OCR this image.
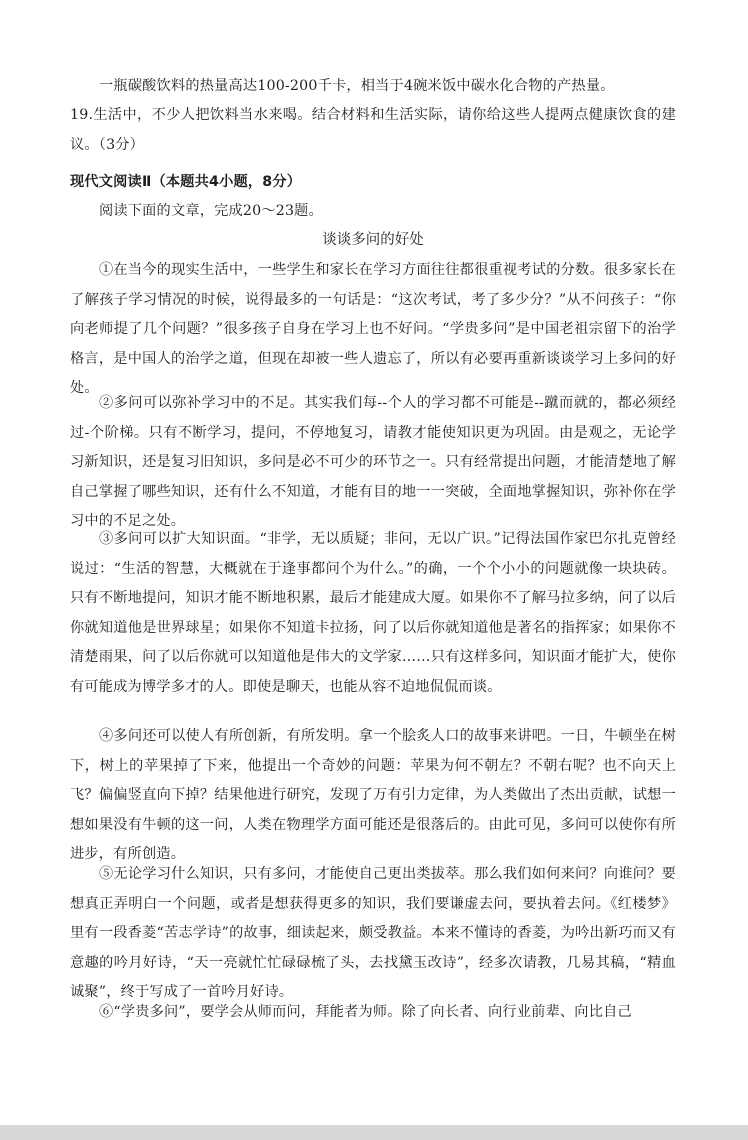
一瓶碳酸饮料的热量高达100-200千卡，相当于4碗米饭中碳水化合物的产热量。

19.生活中，不少人把饮料当水来喝。结合材料和生活实际，请你给这些人提两点健康饮食的建议。（3分）

现代文阅读Ⅱ（本题共4小题，8分）

阅读下面的文章，完成20～23题。

谈谈多问的好处

①在当今的现实生活中，一些学生和家长在学习方面往往都很重视考试的分数。很多家长在了解孩子学习情况的时候，说得最多的一句话是：“这次考试，考了多少分？”从不问孩子：“你向老师提了几个问题？”很多孩子自身在学习上也不好问。“学贵多问”是中国老祖宗留下的治学格言，是中国人的治学之道，但现在却被一些人遗忘了，所以有必要再重新谈谈学习上多问的好处。

②多问可以弥补学习中的不足。其实我们每--个人的学习都不可能是--蹴而就的，都必须经过-个阶梯。只有不断学习，提问，不停地复习，请教才能使知识更为巩固。由是观之，无论学习新知识，还是复习旧知识，多问是必不可少的环节之一。只有经常提出问题，才能清楚地了解自己掌握了哪些知识，还有什么不知道，才能有目的地一一突破，全面地掌握知识，弥补你在学习中的不足之处。

③多问可以扩大知识面。“非学，无以质疑；非问，无以广识。”记得法国作家巴尔扎克曾经说过：“生活的智慧，大概就在于逢事都问个为什么。”的确，一个个小小的问题就像一块块砖。只有不断地提问，知识才能不断地积累，最后才能建成大厦。如果你不了解马拉多纳，问了以后你就知道他是世界球星；如果你不知道卡拉扬，问了以后你就知道他是著名的指挥家；如果你不清楚雨果，问了以后你就可以知道他是伟大的文学家……只有这样多问，知识面才能扩大，使你有可能成为博学多才的人。即使是聊天，也能从容不迫地侃侃而谈。

④多问还可以使人有所创新，有所发明。拿一个脍炙人口的故事来讲吧。一日，牛顿坐在树下，树上的苹果掉了下来，他提出一个奇妙的问题：苹果为何不朝左？不朝右呢？也不向天上飞？偏偏竖直向下掉？结果他进行研究，发现了万有引力定律，为人类做出了杰出贡献，试想一想如果没有牛顿的这一问，人类在物理学方面可能还是很落后的。由此可见，多问可以使你有所进步，有所创造。

⑤无论学习什么知识，只有多问，才能使自己更出类拔萃。那么我们如何来问？向谁问？要想真正弄明白一个问题，或者是想获得更多的知识，我们要谦虚去问，要执着去问。《红楼梦》里有一段香菱“苦志学诗”的故事，细读起来，颇受教益。本来不懂诗的香菱，为吟出新巧而又有意趣的吟月好诗，“天一亮就忙忙碌碌梳了头，去找黛玉改诗”，经多次请教，几易其稿，“精血诚聚”，终于写成了一首吟月好诗。

⑥“学贵多问”，要学会从师而问，拜能者为师。除了向长者、向行业前辈、向比自己
